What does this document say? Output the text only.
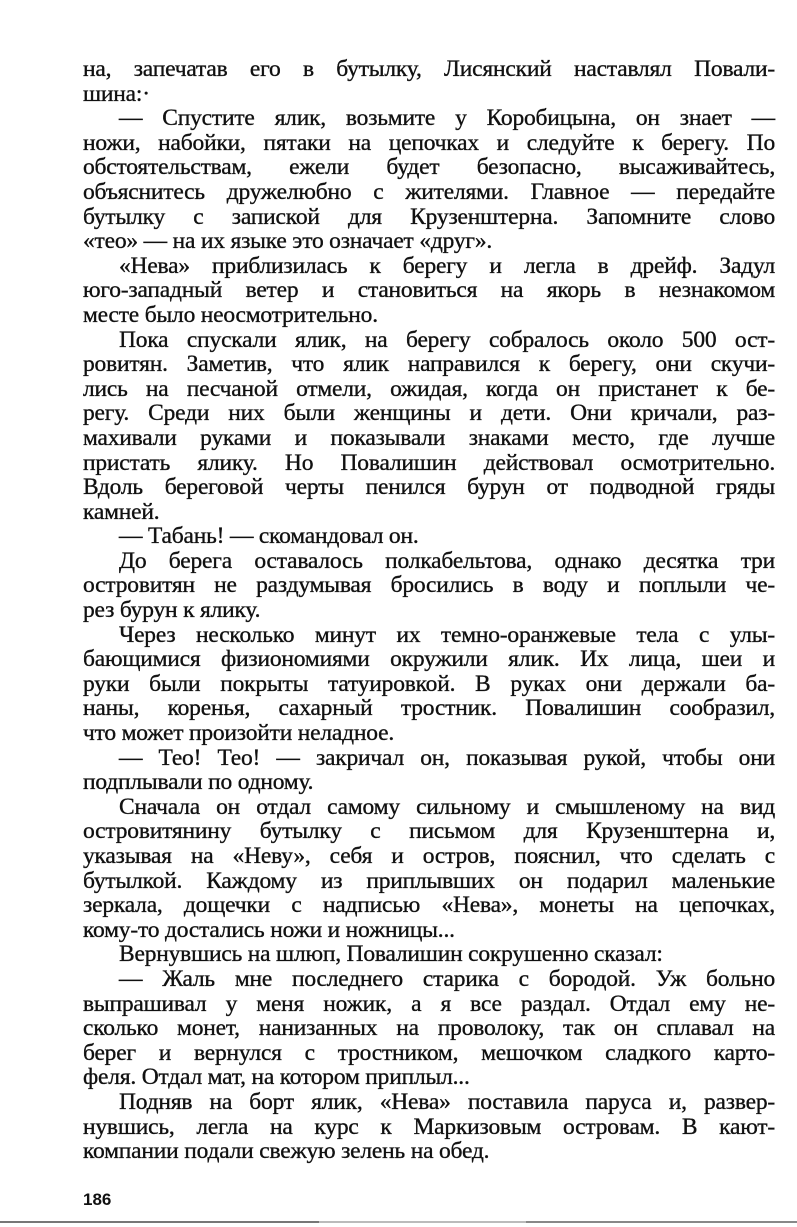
на, запечатав его в бутылку, Лисянский наставлял Повали-
шина:·
— Спустите ялик, возьмите у Коробицына, он знает —
ножи, набойки, пятаки на цепочках и следуйте к берегу. По
обстоятельствам, ежели будет безопасно, высаживайтесь,
объяснитесь дружелюбно с жителями. Главное — передайте
бутылку с запиской для Крузенштерна. Запомните слово
«тео» — на их языке это означает «друг».
«Нева» приблизилась к берегу и легла в дрейф. Задул
юго-западный ветер и становиться на якорь в незнакомом
месте было неосмотрительно.
Пока спускали ялик, на берегу собралось около 500 ост-
ровитян. Заметив, что ялик направился к берегу, они скучи-
лись на песчаной отмели, ожидая, когда он пристанет к бе-
регу. Среди них были женщины и дети. Они кричали, раз-
махивали руками и показывали знаками место, где лучше
пристать ялику. Но Повалишин действовал осмотрительно.
Вдоль береговой черты пенился бурун от подводной гряды
камней.
— Табань! — скомандовал он.
До берега оставалось полкабельтова, однако десятка три
островитян не раздумывая бросились в воду и поплыли че-
рез бурун к ялику.
Через несколько минут их темно-оранжевые тела с улы-
бающимися физиономиями окружили ялик. Их лица, шеи и
руки были покрыты татуировкой. В руках они держали ба-
наны, коренья, сахарный тростник. Повалишин сообразил,
что может произойти неладное.
— Тео! Тео! — закричал он, показывая рукой, чтобы они
подплывали по одному.
Сначала он отдал самому сильному и смышленому на вид
островитянину бутылку с письмом для Крузенштерна и,
указывая на «Неву», себя и остров, пояснил, что сделать с
бутылкой. Каждому из приплывших он подарил маленькие
зеркала, дощечки с надписью «Нева», монеты на цепочках,
кому-то достались ножи и ножницы...
Вернувшись на шлюп, Повалишин сокрушенно сказал:
— Жаль мне последнего старика с бородой. Уж больно
выпрашивал у меня ножик, а я все раздал. Отдал ему не-
сколько монет, нанизанных на проволоку, так он сплавал на
берег и вернулся с тростником, мешочком сладкого карто-
феля. Отдал мат, на котором приплыл...
Подняв на борт ялик, «Нева» поставила паруса и, развер-
нувшись, легла на курс к Маркизовым островам. В кают-
компании подали свежую зелень на обед.
186
